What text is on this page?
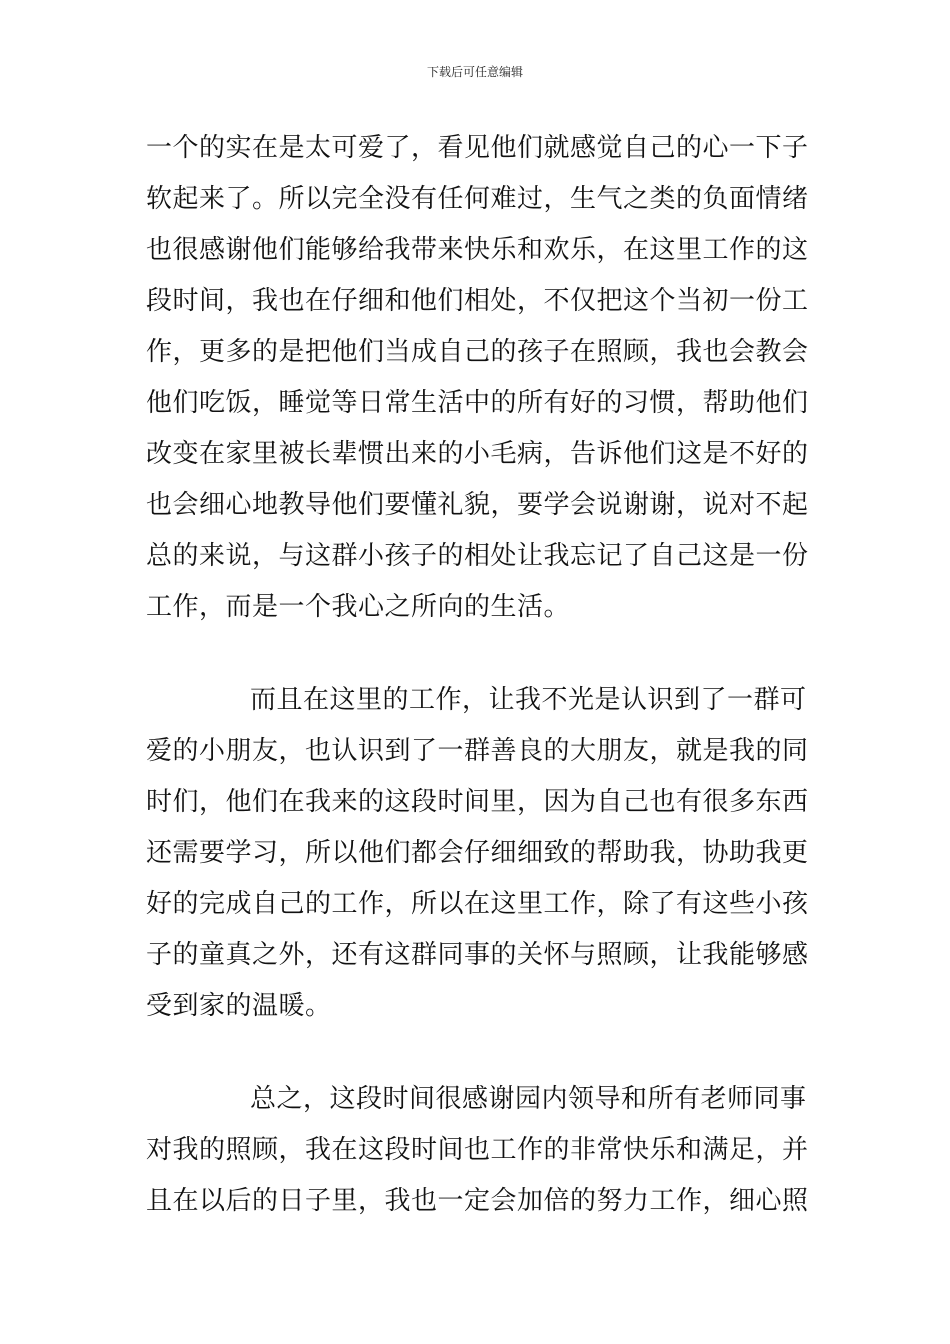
下载后可任意编辑
一个的实在是太可爱了，看见他们就感觉自己的心一下子
软起来了。所以完全没有任何难过，生气之类的负面情绪
也很感谢他们能够给我带来快乐和欢乐，在这里工作的这
段时间，我也在仔细和他们相处，不仅把这个当初一份工
作，更多的是把他们当成自己的孩子在照顾，我也会教会
他们吃饭，睡觉等日常生活中的所有好的习惯，帮助他们
改变在家里被长辈惯出来的小毛病，告诉他们这是不好的
也会细心地教导他们要懂礼貌，要学会说谢谢，说对不起
总的来说，与这群小孩子的相处让我忘记了自己这是一份
工作，而是一个我心之所向的生活。
而且在这里的工作，让我不光是认识到了一群可
爱的小朋友，也认识到了一群善良的大朋友，就是我的同
时们，他们在我来的这段时间里，因为自己也有很多东西
还需要学习，所以他们都会仔细细致的帮助我，协助我更
好的完成自己的工作，所以在这里工作，除了有这些小孩
子的童真之外，还有这群同事的关怀与照顾，让我能够感
受到家的温暖。
总之，这段时间很感谢园内领导和所有老师同事
对我的照顾，我在这段时间也工作的非常快乐和满足，并
且在以后的日子里，我也一定会加倍的努力工作，细心照
